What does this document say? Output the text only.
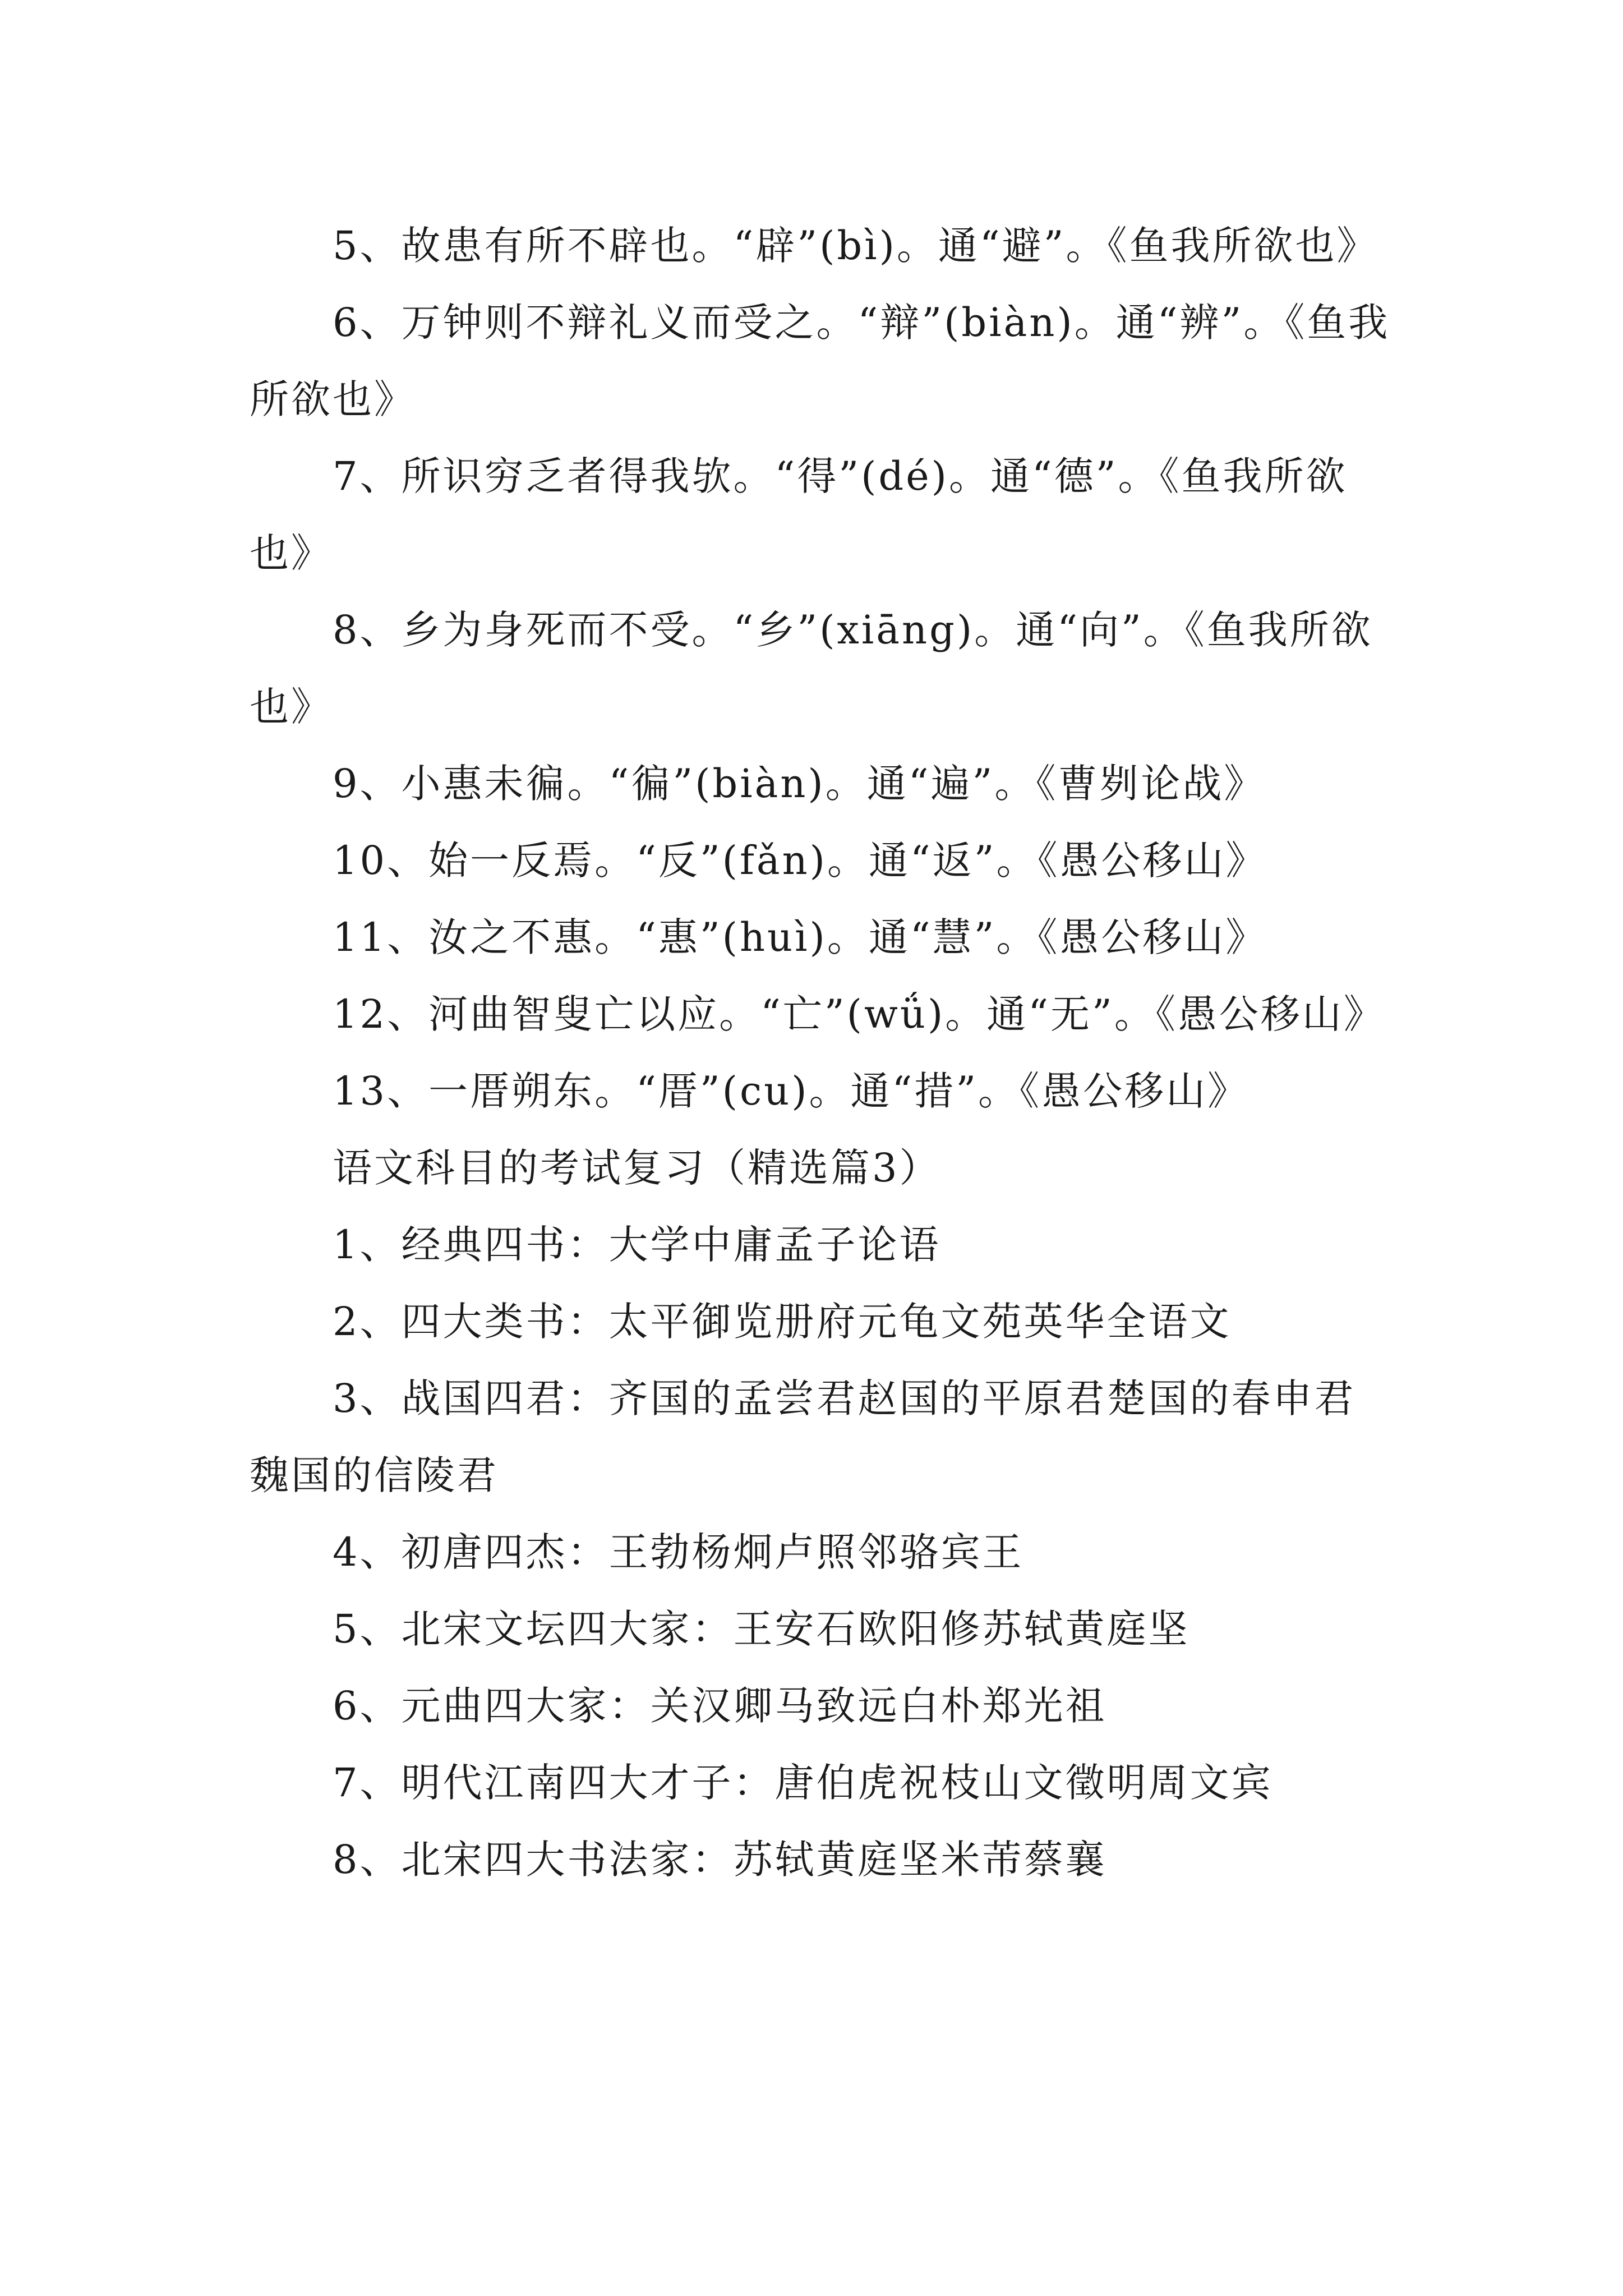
5、故患有所不辟也。“辟”(bì)。通“避”。《鱼我所欲也》

6、万钟则不辩礼义而受之。“辩”(biàn)。通“辨”。《鱼我所欲也》

7、所识穷乏者得我欤。“得”(dé)。通“德”。《鱼我所欲也》

8、乡为身死而不受。“乡”(xiāng)。通“向”。《鱼我所欲也》

9、小惠未徧。“徧”(biàn)。通“遍”。《曹刿论战》

10、始一反焉。“反”(fǎn)。通“返”。《愚公移山》

11、汝之不惠。“惠”(huì)。通“慧”。《愚公移山》

12、河曲智叟亡以应。“亡”(wǘ)。通“无”。《愚公移山》

13、一厝朔东。“厝”(cu)。通“措”。《愚公移山》

语文科目的考试复习（精选篇3）

1、经典四书：大学中庸孟子论语

2、四大类书：太平御览册府元龟文苑英华全语文

3、战国四君：齐国的孟尝君赵国的平原君楚国的春申君魏国的信陵君

4、初唐四杰：王勃杨炯卢照邻骆宾王

5、北宋文坛四大家：王安石欧阳修苏轼黄庭坚

6、元曲四大家：关汉卿马致远白朴郑光祖

7、明代江南四大才子：唐伯虎祝枝山文徵明周文宾

8、北宋四大书法家：苏轼黄庭坚米芾蔡襄
